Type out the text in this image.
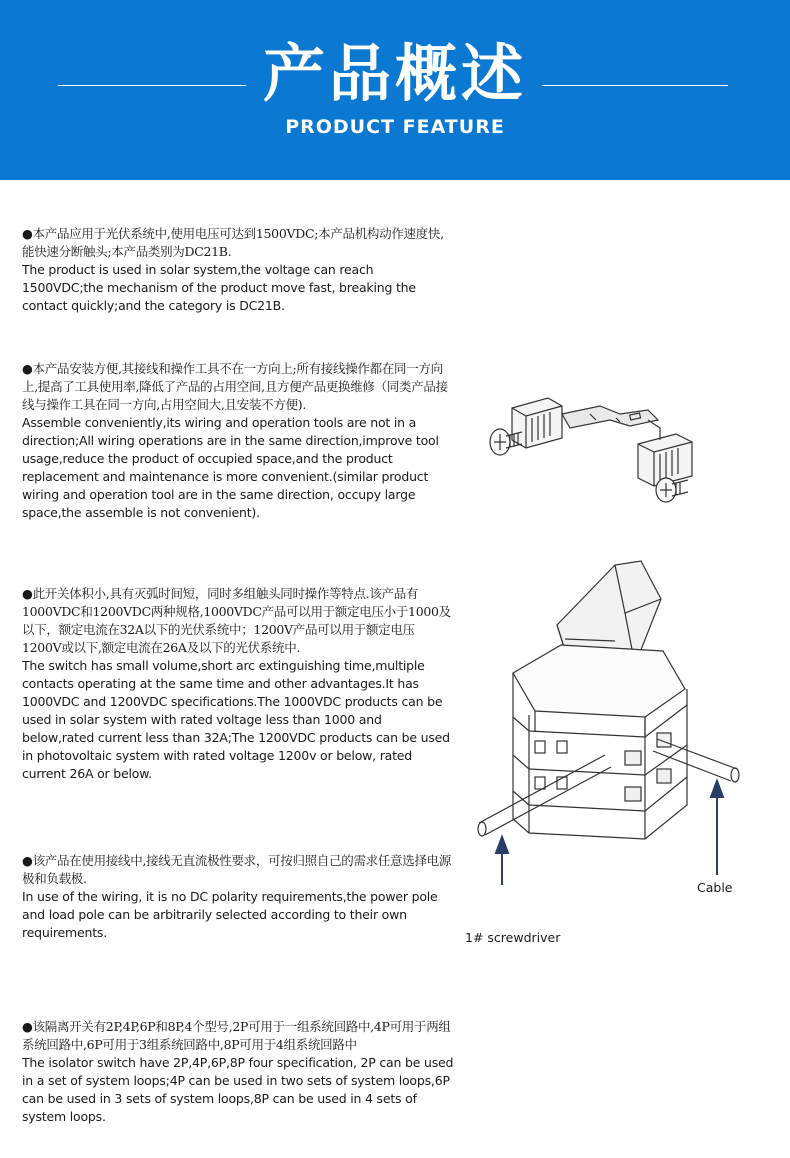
产品概述
PRODUCT FEATURE

●本产品应用于光伏系统中,使用电压可达到1500VDC;本产品机构动作速度快,能快速分断触头;本产品类别为DC21B.

The product is used in solar system,the voltage can reach 1500VDC;the mechanism of the product move fast, breaking the contact quickly;and the category is DC21B.

●本产品安装方便,其接线和操作工具不在一方向上;所有接线操作都在同一方向上,提高了工具使用率,降低了产品的占用空间,且方便产品更换维修（同类产品接线与操作工具在同一方向,占用空间大,且安装不方便).

Assemble conveniently,its wiring and operation tools are not in a direction;All wiring operations are in the same direction,improve tool usage,reduce the product of occupied space,and the product replacement and maintenance is more convenient.(similar product wiring and operation tool are in the same direction, occupy large space,the assemble is not convenient).

●此开关体积小,具有灭弧时间短，同时多组触头同时操作等特点.该产品有1000VDC和1200VDC两种规格,1000VDC产品可以用于额定电压小于1000及以下，额定电流在32A以下的光伏系统中；1200V产品可以用于额定电压1200V或以下,额定电流在26A及以下的光伏系统中.

The switch has small volume,short arc extinguishing time,multiple contacts operating at the same time and other advantages.It has 1000VDC and 1200VDC specifications.The 1000VDC products can be used in solar system with rated voltage less than 1000 and below,rated current less than 32A;The 1200VDC products can be used in photovoltaic system with rated voltage 1200v or below, rated current 26A or below.

●该产品在使用接线中,接线无直流极性要求，可按归照自己的需求任意选择电源极和负载极.

In use of the wiring, it is no DC polarity requirements,the power pole and load pole can be arbitrarily selected according to their own requirements.

●该隔离开关有2P,4P,6P和8P,4个型号,2P可用于一组系统回路中,4P可用于两组系统回路中,6P可用于3组系统回路中,8P可用于4组系统回路中

The isolator switch have 2P,4P,6P,8P four specification, 2P can be used in a set of system loops;4P can be used in two sets of system loops,6P can be used in 3 sets of system loops,8P can be used in 4 sets of system loops.

Cable
1# screwdriver
